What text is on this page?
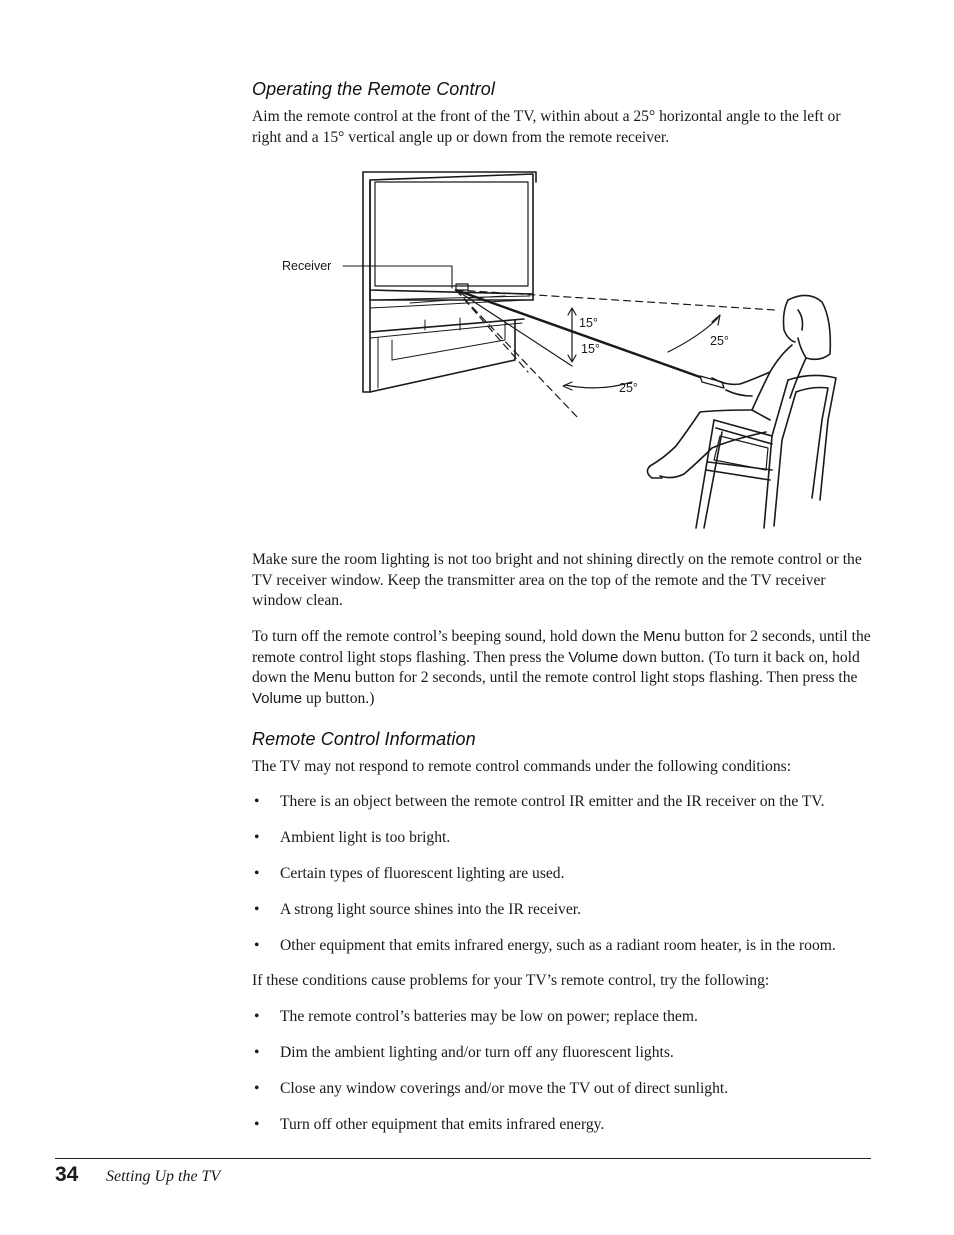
Receiver
15°
15°
25°
25°
Operating the Remote Control

Aim the remote control at the front of the TV, within about a 25° horizontal angle to the left or right and a 15° vertical angle up or down from the remote receiver.

Make sure the room lighting is not too bright and not shining directly on the remote control or the TV receiver window. Keep the transmitter area on the top of the remote and the TV receiver window clean.

To turn off the remote control’s beeping sound, hold down the Menu button for 2 seconds, until the remote control light stops flashing. Then press the Volume down button. (To turn it back on, hold down the Menu button for 2 seconds, until the remote control light stops flashing. Then press the Volume up button.)

Remote Control Information

The TV may not respond to remote control commands under the following conditions:

• There is an object between the remote control IR emitter and the IR receiver on the TV.
• Ambient light is too bright.
• Certain types of fluorescent lighting are used.
• A strong light source shines into the IR receiver.
• Other equipment that emits infrared energy, such as a radiant room heater, is in the room.

If these conditions cause problems for your TV’s remote control, try the following:

• The remote control’s batteries may be low on power; replace them.
• Dim the ambient lighting and/or turn off any fluorescent lights.
• Close any window coverings and/or move the TV out of direct sunlight.
• Turn off other equipment that emits infrared energy.
34 Setting Up the TV
